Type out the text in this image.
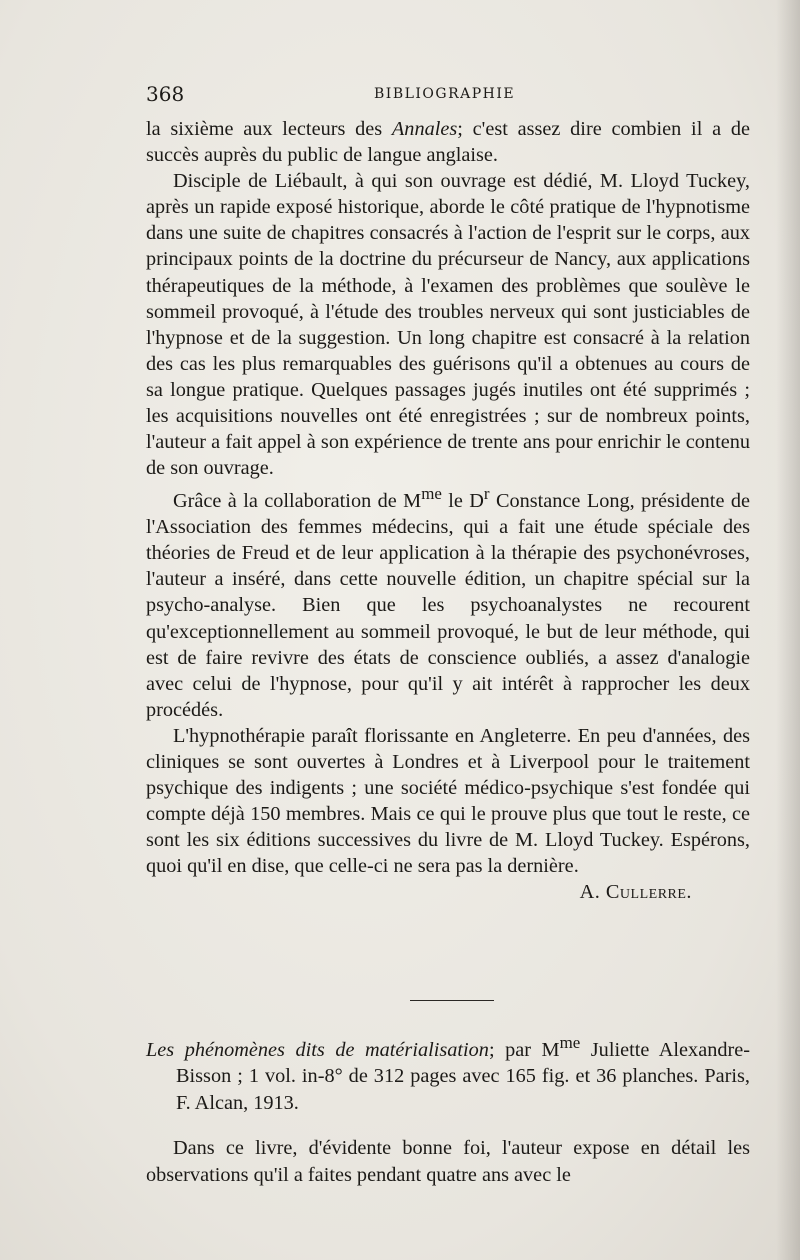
368	BIBLIOGRAPHIE

la sixième aux lecteurs des Annales; c'est assez dire combien il a de succès auprès du public de langue anglaise.

Disciple de Liébault, à qui son ouvrage est dédié, M. Lloyd Tuckey, après un rapide exposé historique, aborde le côté pratique de l'hypnotisme dans une suite de chapitres consacrés à l'action de l'esprit sur le corps, aux principaux points de la doctrine du précurseur de Nancy, aux applications thérapeutiques de la méthode, à l'examen des problèmes que soulève le sommeil provoqué, à l'étude des troubles nerveux qui sont justiciables de l'hypnose et de la suggestion. Un long chapitre est consacré à la relation des cas les plus remarquables des guérisons qu'il a obtenues au cours de sa longue pratique. Quelques passages jugés inutiles ont été supprimés ; les acquisitions nouvelles ont été enregistrées ; sur de nombreux points, l'auteur a fait appel à son expérience de trente ans pour enrichir le contenu de son ouvrage.

Grâce à la collaboration de $M^{me}$ le $D^r$ Constance Long, présidente de l'Association des femmes médecins, qui a fait une étude spéciale des théories de Freud et de leur application à la thérapie des psychonévroses, l'auteur a inséré, dans cette nouvelle édition, un chapitre spécial sur la psycho-analyse. Bien que les psychoanalystes ne recourent qu'exceptionnellement au sommeil provoqué, le but de leur méthode, qui est de faire revivre des états de conscience oubliés, a assez d'analogie avec celui de l'hypnose, pour qu'il y ait intérêt à rapprocher les deux procédés.

L'hypnothérapie paraît florissante en Angleterre. En peu d'années, des cliniques se sont ouvertes à Londres et à Liverpool pour le traitement psychique des indigents ; une société médico-psychique s'est fondée qui compte déjà 150 membres. Mais ce qui le prouve plus que tout le reste, ce sont les six éditions successives du livre de M. Lloyd Tuckey. Espérons, quoi qu'il en dise, que celle-ci ne sera pas la dernière.

A. Cullerre.

Les phénomènes dits de matérialisation; par $M^{me}$ Juliette Alexandre-Bisson ; 1 vol. in-8° de 312 pages avec 165 fig. et 36 planches. Paris, F. Alcan, 1913.

Dans ce livre, d'évidente bonne foi, l'auteur expose en détail les observations qu'il a faites pendant quatre ans avec le
